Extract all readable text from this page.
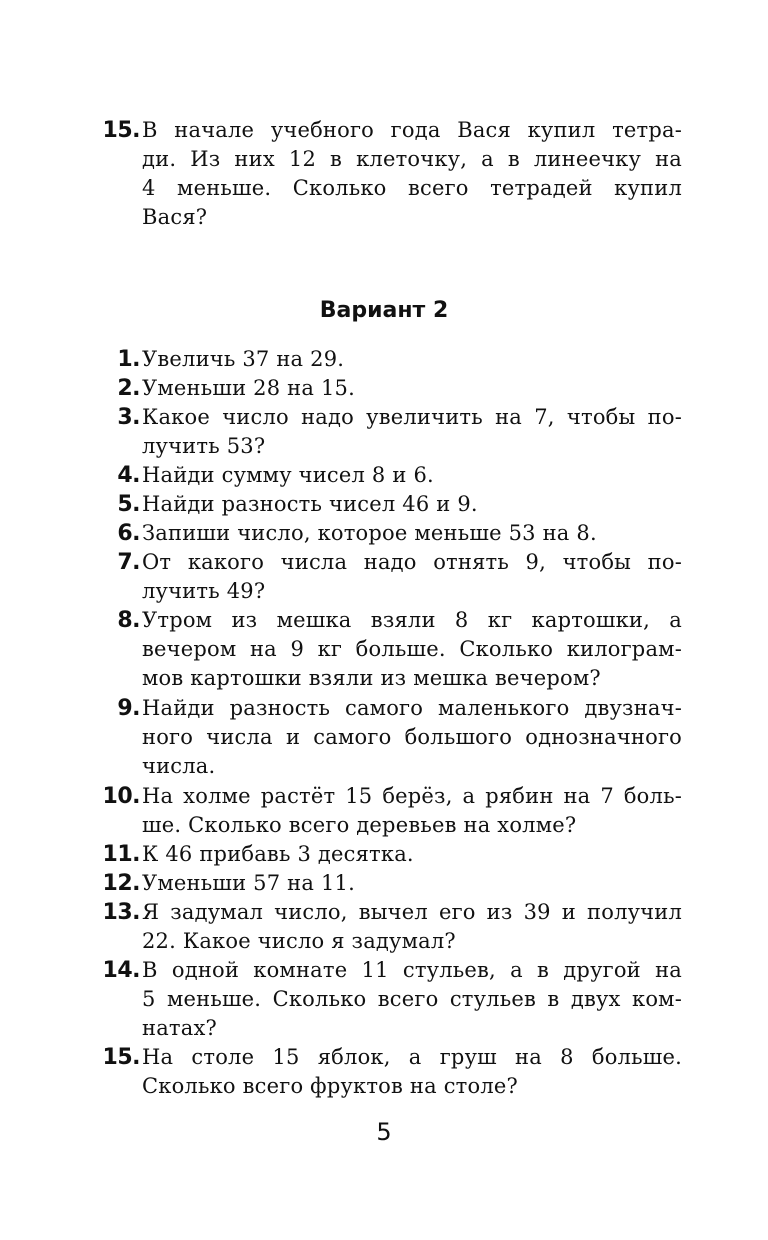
15. В начале учебного года Вася купил тетра-
ди. Из них 12 в клеточку, а в линеечку на
4 меньше. Сколько всего тетрадей купил
Вася?
Вариант 2
1. Увеличь 37 на 29.
2. Уменьши 28 на 15.
3. Какое число надо увеличить на 7, чтобы по-
лучить 53?
4. Найди сумму чисел 8 и 6.
5. Найди разность чисел 46 и 9.
6. Запиши число, которое меньше 53 на 8.
7. От какого числа надо отнять 9, чтобы по-
лучить 49?
8. Утром из мешка взяли 8 кг картошки, а
вечером на 9 кг больше. Сколько килограм-
мов картошки взяли из мешка вечером?
9. Найди разность самого маленького двузнач-
ного числа и самого большого однозначного
числа.
10. На холме растёт 15 берёз, а рябин на 7 боль-
ше. Сколько всего деревьев на холме?
11. К 46 прибавь 3 десятка.
12. Уменьши 57 на 11.
13. Я задумал число, вычел его из 39 и получил
22. Какое число я задумал?
14. В одной комнате 11 стульев, а в другой на
5 меньше. Сколько всего стульев в двух ком-
натах?
15. На столе 15 яблок, а груш на 8 больше.
Сколько всего фруктов на столе?
5
